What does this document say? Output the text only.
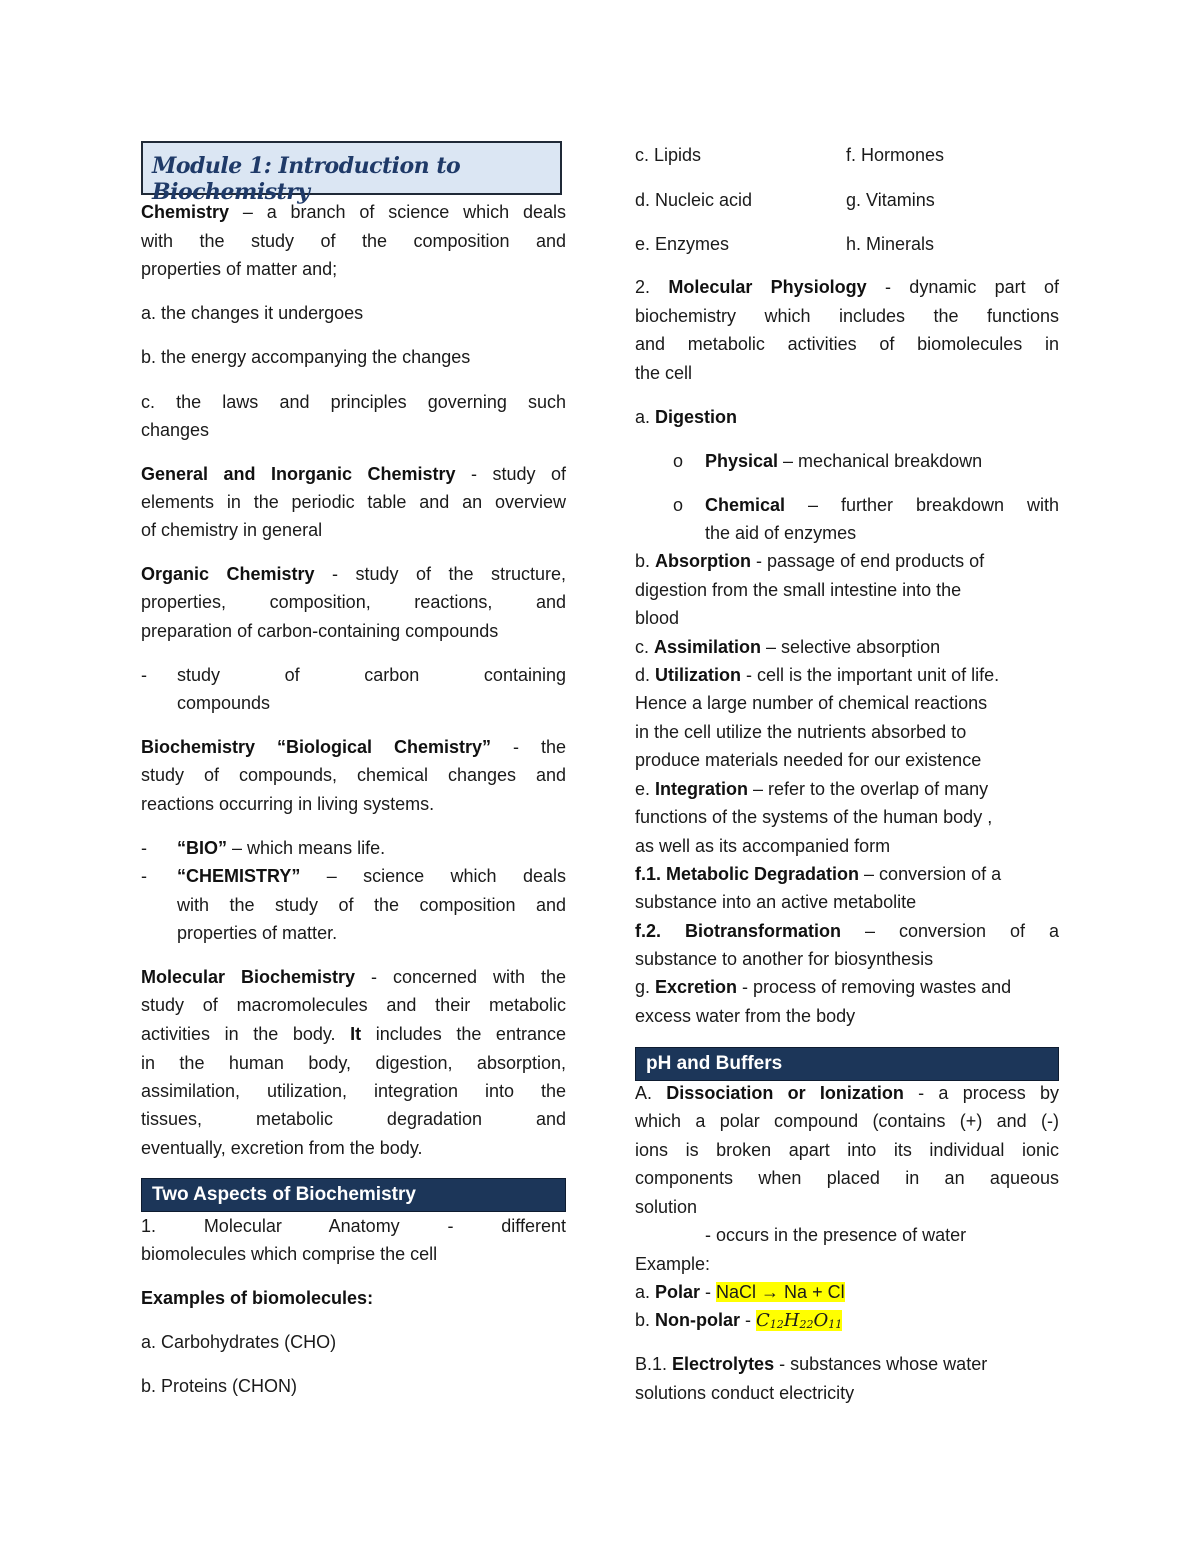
Module 1: Introduction to Biochemistry

Chemistry – a branch of science which deals

with the study of the composition and

properties of matter and;

a. the changes it undergoes

b. the energy accompanying the changes

c. the laws and principles governing such

changes

General and Inorganic Chemistry - study of

elements in the periodic table and an overview

of chemistry in general

Organic Chemistry - study of the structure,

properties, composition, reactions, and

preparation of carbon-containing compounds

- study of carbon containing
compounds

Biochemistry “Biological Chemistry” - the

study of compounds, chemical changes and

reactions occurring in living systems.

- “BIO” – which means life.
- “CHEMISTRY” – science which deals
with the study of the composition and
properties of matter.

Molecular Biochemistry - concerned with the

study of macromolecules and their metabolic

activities in the body. It includes the entrance

in the human body, digestion, absorption,

assimilation, utilization, integration into the

tissues, metabolic degradation and

eventually, excretion from the body.

Two Aspects of Biochemistry

1. Molecular Anatomy - different

biomolecules which comprise the cell

Examples of biomolecules:

a. Carbohydrates (CHO)

b. Proteins (CHON)

c. Lipids	f. Hormones

d. Nucleic acid	g. Vitamins

e. Enzymes	h. Minerals

2. Molecular Physiology - dynamic part of

biochemistry which includes the functions

and metabolic activities of biomolecules in

the cell

a. Digestion

o Physical – mechanical breakdown
o Chemical – further breakdown with
the aid of enzymes

b. Absorption - passage of end products of

digestion from the small intestine into the

blood

c. Assimilation – selective absorption

d. Utilization - cell is the important unit of life.

Hence a large number of chemical reactions

in the cell utilize the nutrients absorbed to

produce materials needed for our existence

e. Integration – refer to the overlap of many

functions of the systems of the human body ,

as well as its accompanied form

f.1. Metabolic Degradation – conversion of a

substance into an active metabolite

f.2. Biotransformation – conversion of a

substance to another for biosynthesis

g. Excretion - process of removing wastes and

excess water from the body

pH and Buffers

A. Dissociation or Ionization - a process by

which a polar compound (contains (+) and (-)

ions is broken apart into its individual ionic

components when placed in an aqueous

solution

- occurs in the presence of water

Example:

a. Polar - NaCl → Na + Cl

b. Non-polar - $C_{12}H_{22}O_{11}$

B.1. Electrolytes - substances whose water

solutions conduct electricity
